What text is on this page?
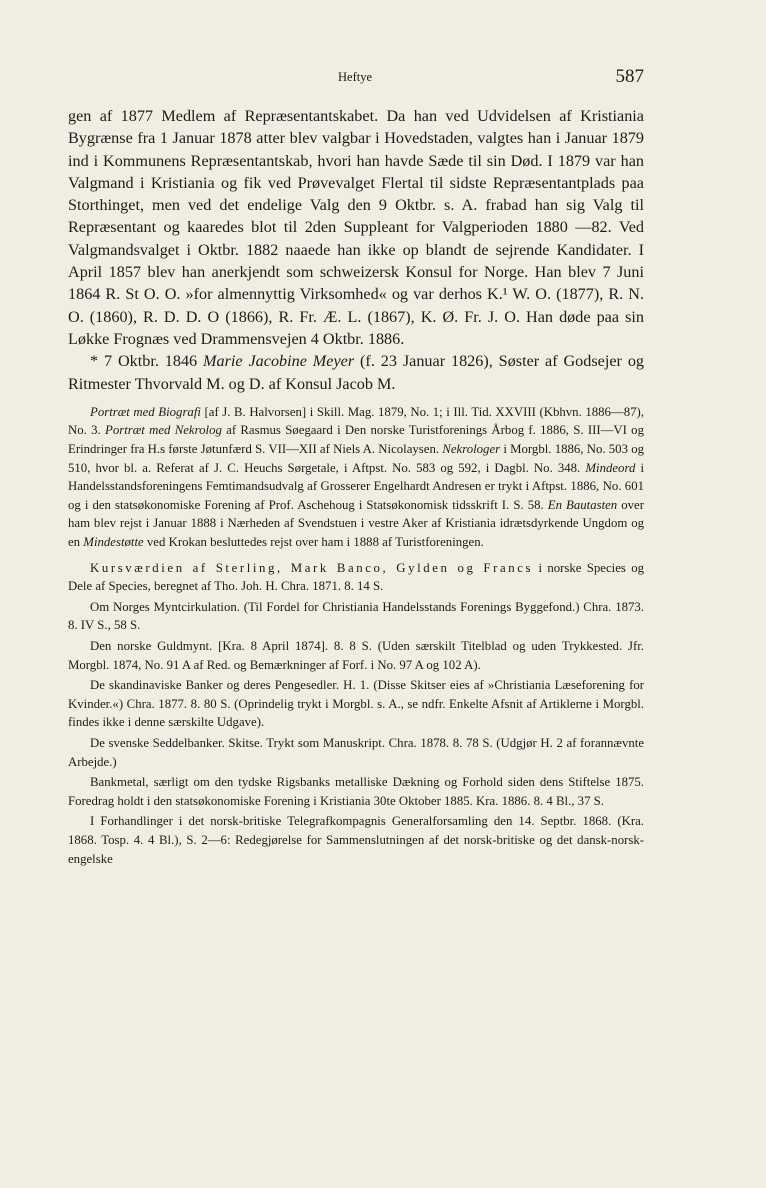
Heftye	587

gen af 1877 Medlem af Repræsentantskabet. Da han ved Udvidelsen af Kristiania Bygrænse fra 1 Januar 1878 atter blev valgbar i Hovedstaden, valgtes han i Januar 1879 ind i Kommunens Repræsentantskab, hvori han havde Sæde til sin Død. I 1879 var han Valgmand i Kristiania og fik ved Prøvevalget Flertal til sidste Repræsentantplads paa Storthinget, men ved det endelige Valg den 9 Oktbr. s. A. frabad han sig Valg til Repræsentant og kaaredes blot til 2den Suppleant for Valgperioden 1880 —82. Ved Valgmandsvalget i Oktbr. 1882 naaede han ikke op blandt de sejrende Kandidater. I April 1857 blev han anerkjendt som schweizersk Konsul for Norge. Han blev 7 Juni 1864 R. St O. O. »for almennyttig Virksomhed« og var derhos K.¹ W. O. (1877), R. N. O. (1860), R. D. D. O (1866), R. Fr. Æ. L. (1867), K. Ø. Fr. J. O. Han døde paa sin Løkke Frognæs ved Drammensvejen 4 Oktbr. 1886.

* 7 Oktbr. 1846 Marie Jacobine Meyer (f. 23 Januar 1826), Søster af Godsejer og Ritmester Thvorvald M. og D. af Konsul Jacob M.

Portræt med Biografi [af J. B. Halvorsen] i Skill. Mag. 1879, No. 1; i Ill. Tid. XXVIII (Kbhvn. 1886—87), No. 3. Portræt med Nekrolog af Rasmus Søegaard i Den norske Turistforenings Årbog f. 1886, S. III—VI og Erindringer fra H.s første Jøtunfærd S. VII—XII af Niels A. Nicolaysen. Nekrologer i Morgbl. 1886, No. 503 og 510, hvor bl. a. Referat af J. C. Heuchs Sørgetale, i Aftpst. No. 583 og 592, i Dagbl. No. 348. Mindeord i Handelsstandsforeningens Femtimandsudvalg af Grosserer Engelhardt Andresen er trykt i Aftpst. 1886, No. 601 og i den statsøkonomiske Forening af Prof. Aschehoug i Statsøkonomisk tidsskrift I. S. 58. En Bautasten over ham blev rejst i Januar 1888 i Nærheden af Svendstuen i vestre Aker af Kristiania idrætsdyrkende Ungdom og en Mindestøtte ved Krokan besluttedes rejst over ham i 1888 af Turistforeningen.

Kursværdien af Sterling, Mark Banco, Gylden og Francs i norske Species og Dele af Species, beregnet af Tho. Joh. H. Chra. 1871. 8. 14 S.

Om Norges Myntcirkulation. (Til Fordel for Christiania Handelsstands Forenings Byggefond.) Chra. 1873. 8. IV S., 58 S.

Den norske Guldmynt. [Kra. 8 April 1874]. 8. 8 S. (Uden særskilt Titelblad og uden Trykkested. Jfr. Morgbl. 1874, No. 91 A af Red. og Bemærkninger af Forf. i No. 97 A og 102 A).

De skandinaviske Banker og deres Pengesedler. H. 1. (Disse Skitser eies af »Christiania Læseforening for Kvinder.«) Chra. 1877. 8. 80 S. (Oprindelig trykt i Morgbl. s. A., se ndfr. Enkelte Afsnit af Artiklerne i Morgbl. findes ikke i denne særskilte Udgave).

De svenske Seddelbanker. Skitse. Trykt som Manuskript. Chra. 1878. 8. 78 S. (Udgjør H. 2 af forannævnte Arbejde.)

Bankmetal, særligt om den tydske Rigsbanks metalliske Dækning og Forhold siden dens Stiftelse 1875. Foredrag holdt i den statsøkonomiske Forening i Kristiania 30te Oktober 1885. Kra. 1886. 8. 4 Bl., 37 S.

I Forhandlinger i det norsk-britiske Telegrafkompagnis Generalforsamling den 14. Septbr. 1868. (Kra. 1868. Tosp. 4. 4 Bl.), S. 2—6: Redegjørelse for Sammenslutningen af det norsk-britiske og det dansk-norsk-engelske
